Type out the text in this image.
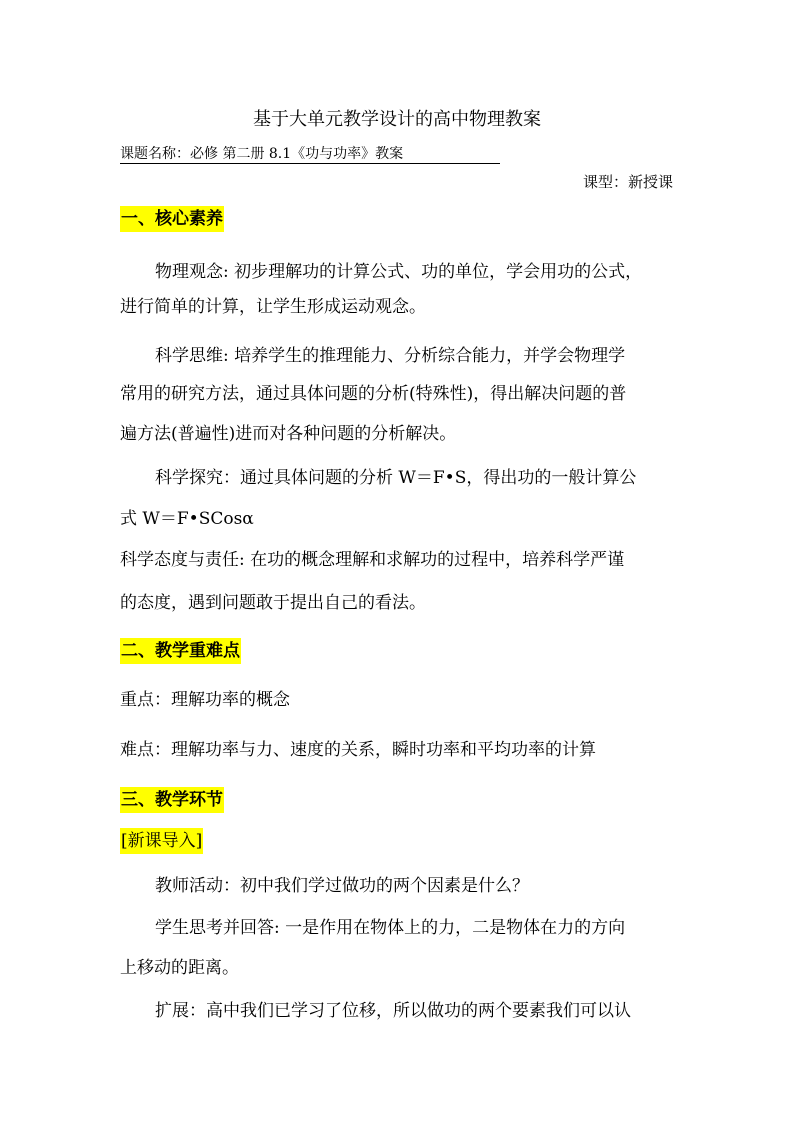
基于大单元教学设计的高中物理教案
课题名称：必修 第二册 8.1《功与功率》教案
课型：新授课
一、核心素养
物理观念: 初步理解功的计算公式、功的单位，学会用功的公式，
进行简单的计算，让学生形成运动观念。
科学思维: 培养学生的推理能力、分析综合能力，并学会物理学
常用的研究方法，通过具体问题的分析(特殊性)，得出解决问题的普
遍方法(普遍性)进而对各种问题的分析解决。
科学探究：通过具体问题的分析 W＝F•S，得出功的一般计算公
式 W＝F•SCosα
科学态度与责任: 在功的概念理解和求解功的过程中，培养科学严谨
的态度，遇到问题敢于提出自己的看法。
二、教学重难点
重点：理解功率的概念
难点：理解功率与力、速度的关系，瞬时功率和平均功率的计算
三、教学环节
[新课导入]
教师活动：初中我们学过做功的两个因素是什么？
学生思考并回答: 一是作用在物体上的力，二是物体在力的方向
上移动的距离。
扩展：高中我们已学习了位移，所以做功的两个要素我们可以认
